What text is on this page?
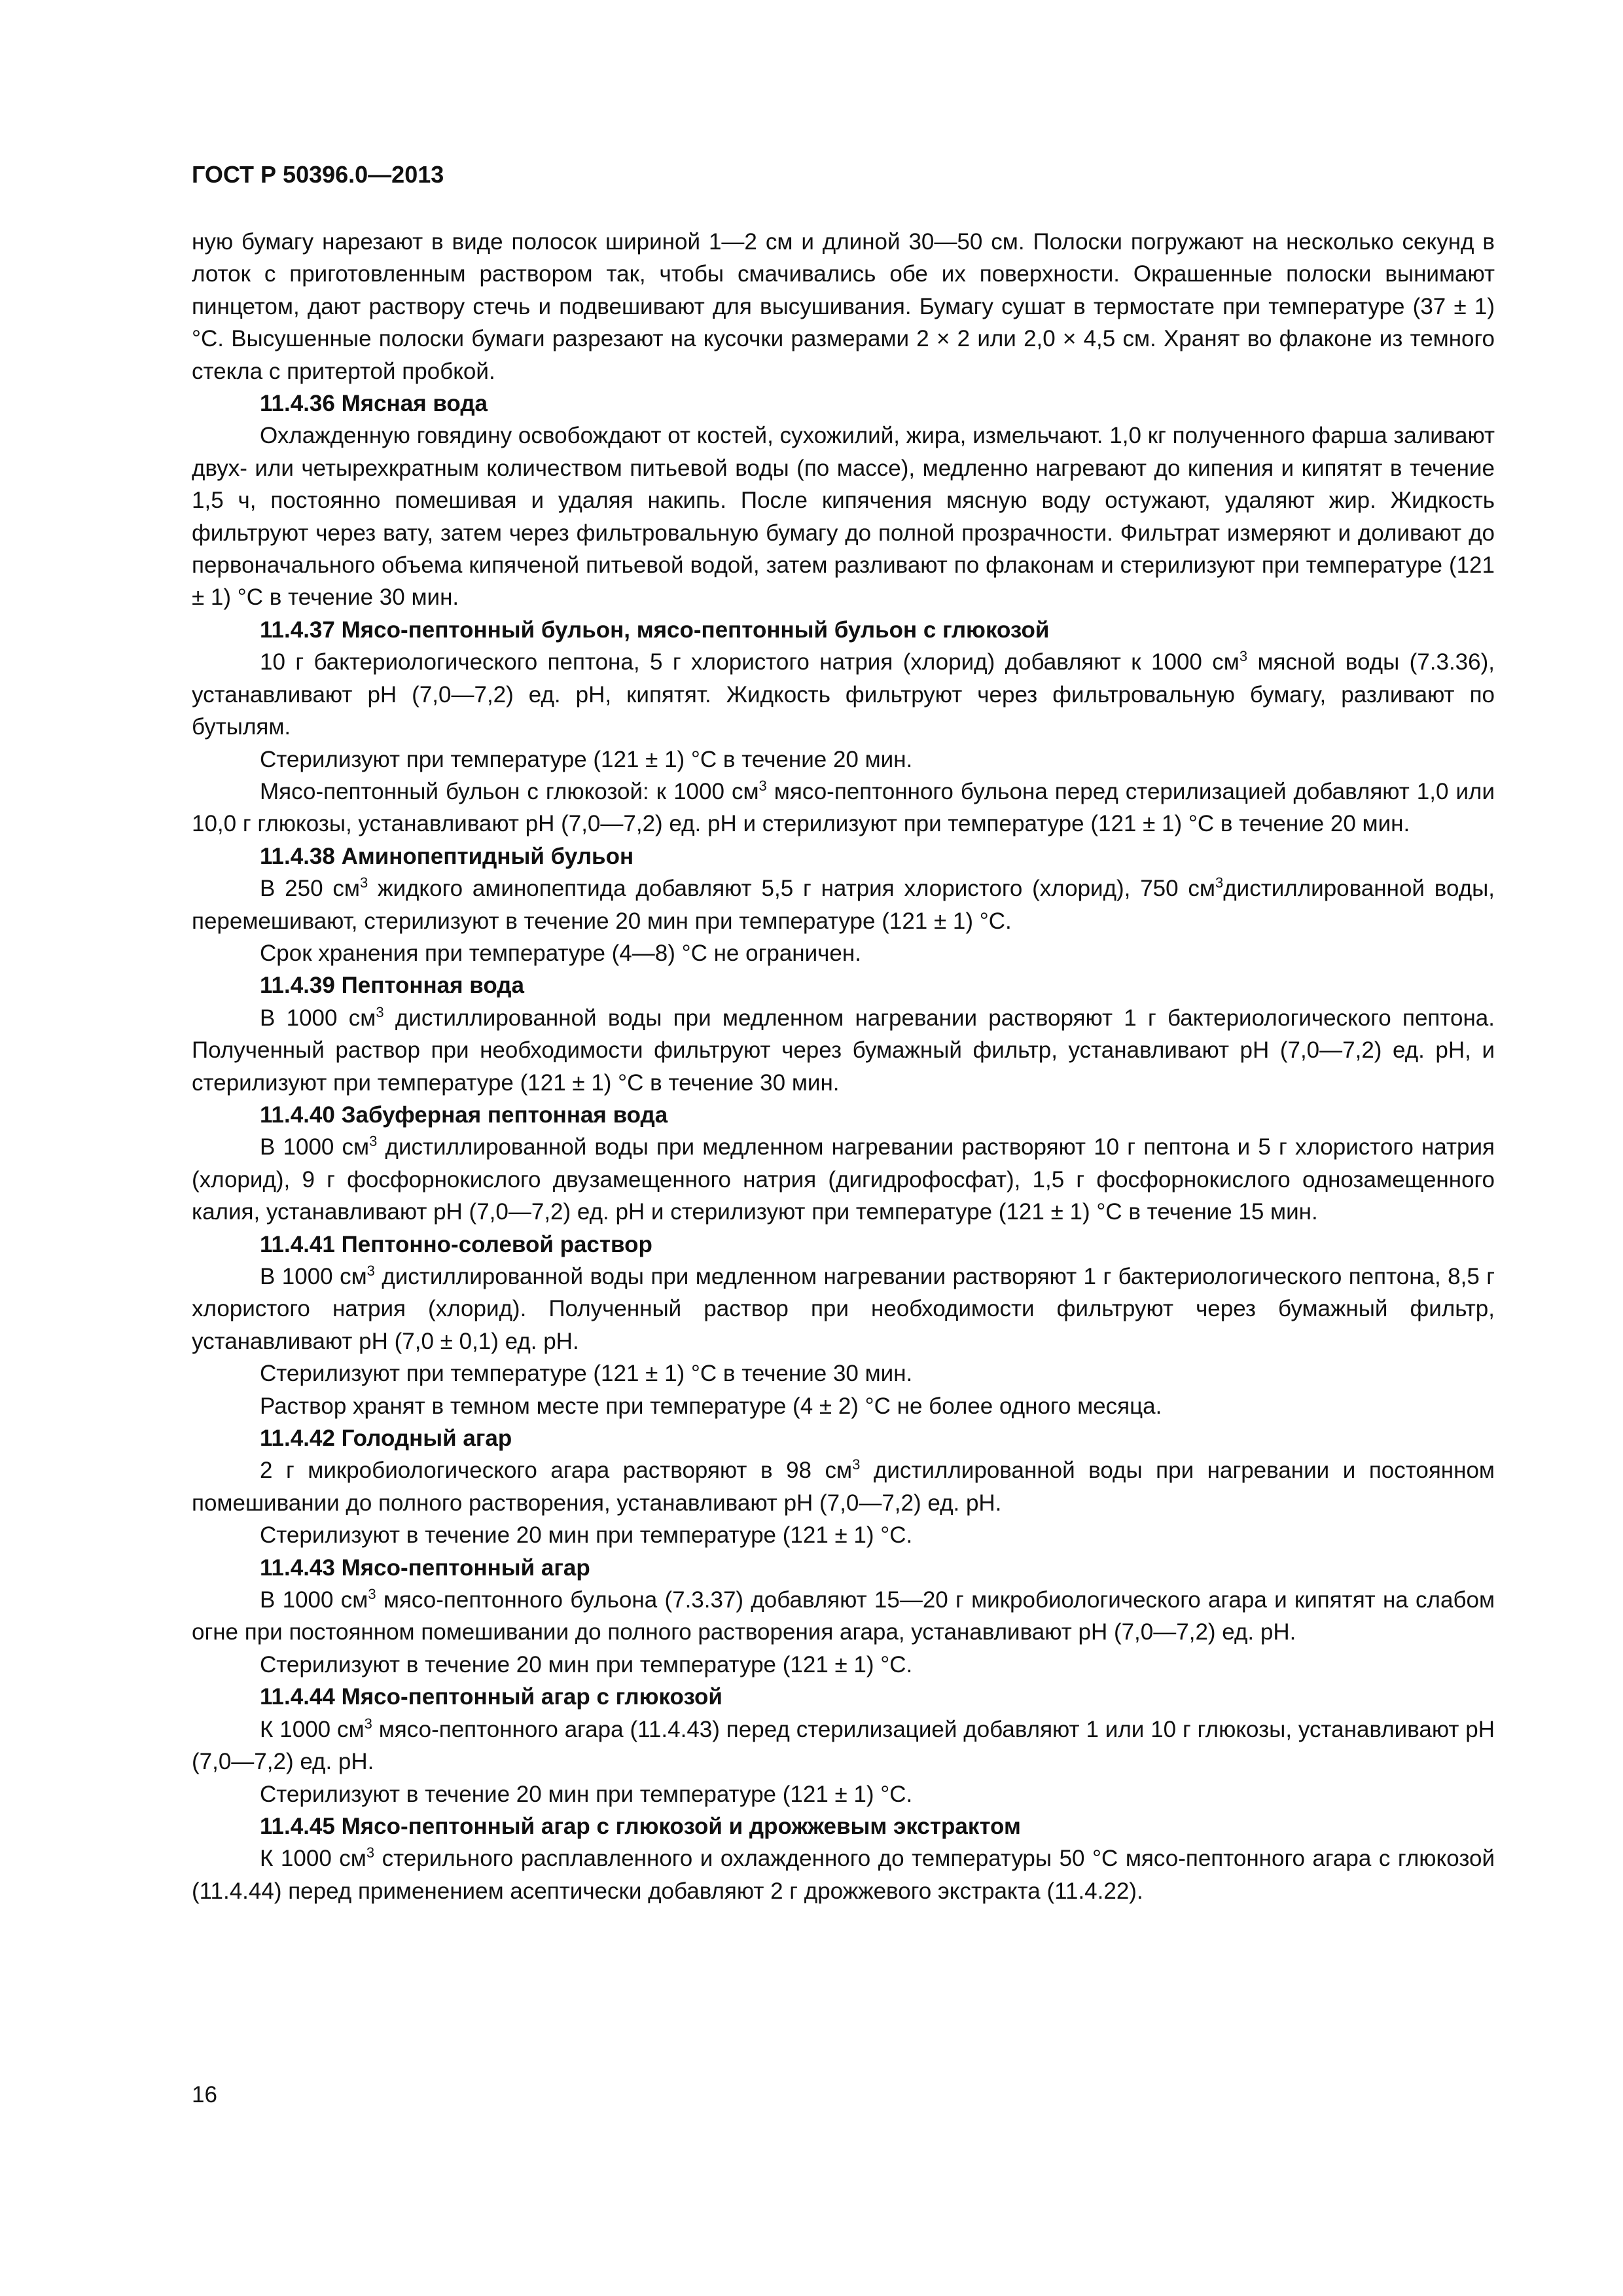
ГОСТ Р 50396.0—2013

ную бумагу нарезают в виде полосок шириной 1—2 см и длиной 30—50 см. Полоски погружают на несколько секунд в лоток с приготовленным раствором так, чтобы смачивались обе их поверхности. Окрашенные полоски вынимают пинцетом, дают раствору стечь и подвешивают для высушивания. Бумагу сушат в термостате при температуре (37 ± 1) °С. Высушенные полоски бумаги разрезают на кусочки размерами 2 × 2 или 2,0 × 4,5 см. Хранят во флаконе из темного стекла с притертой пробкой.

11.4.36 Мясная вода

Охлажденную говядину освобождают от костей, сухожилий, жира, измельчают. 1,0 кг полученного фарша заливают двух- или четырехкратным количеством питьевой воды (по массе), медленно нагревают до кипения и кипятят в течение 1,5 ч, постоянно помешивая и удаляя накипь. После кипячения мясную воду остужают, удаляют жир. Жидкость фильтруют через вату, затем через фильтровальную бумагу до полной прозрачности. Фильтрат измеряют и доливают до первоначального объема кипяченой питьевой водой, затем разливают по флаконам и стерилизуют при температуре (121 ± 1) °С в течение 30 мин.

11.4.37 Мясо-пептонный бульон, мясо-пептонный бульон с глюкозой

10 г бактериологического пептона, 5 г хлористого натрия (хлорид) добавляют к 1000 $см^3$ мясной воды (7.3.36), устанавливают рН (7,0—7,2) ед. рН, кипятят. Жидкость фильтруют через фильтровальную бумагу, разливают по бутылям.

Стерилизуют при температуре (121 ± 1) °С в течение 20 мин.

Мясо-пептонный бульон с глюкозой: к 1000 $см^3$ мясо-пептонного бульона перед стерилизацией добавляют 1,0 или 10,0 г глюкозы, устанавливают рН (7,0—7,2) ед. рН и стерилизуют при температуре (121 ± 1) °С в течение 20 мин.

11.4.38 Аминопептидный бульон

В 250 $см^3$ жидкого аминопептида добавляют 5,5 г натрия хлористого (хлорид), 750 $см^3дистиллированной$ воды, перемешивают, стерилизуют в течение 20 мин при температуре (121 ± 1) °С.

Срок хранения при температуре (4—8) °С не ограничен.

11.4.39 Пептонная вода

В 1000 $см^3$ дистиллированной воды при медленном нагревании растворяют 1 г бактериологического пептона. Полученный раствор при необходимости фильтруют через бумажный фильтр, устанавливают рН (7,0—7,2) ед. рН, и стерилизуют при температуре (121 ± 1) °С в течение 30 мин.

11.4.40 Забуферная пептонная вода

В 1000 $см^3$ дистиллированной воды при медленном нагревании растворяют 10 г пептона и 5 г хлористого натрия (хлорид), 9 г фосфорнокислого двузамещенного натрия (дигидрофосфат), 1,5 г фосфорнокислого однозамещенного калия, устанавливают рН (7,0—7,2) ед. рН и стерилизуют при температуре (121 ± 1) °С в течение 15 мин.

11.4.41 Пептонно-солевой раствор

В 1000 $см^3$ дистиллированной воды при медленном нагревании растворяют 1 г бактериологического пептона, 8,5 г хлористого натрия (хлорид). Полученный раствор при необходимости фильтруют через бумажный фильтр, устанавливают рН (7,0 ± 0,1) ед. рН.

Стерилизуют при температуре (121 ± 1) °С в течение 30 мин.

Раствор хранят в темном месте при температуре (4 ± 2) °С не более одного месяца.

11.4.42 Голодный агар

2 г микробиологического агара растворяют в 98 $см^3$ дистиллированной воды при нагревании и постоянном помешивании до полного растворения, устанавливают рН (7,0—7,2) ед. рН.

Стерилизуют в течение 20 мин при температуре (121 ± 1) °С.

11.4.43 Мясо-пептонный агар

В 1000 $см^3$ мясо-пептонного бульона (7.3.37) добавляют 15—20 г микробиологического агара и кипятят на слабом огне при постоянном помешивании до полного растворения агара, устанавливают рН (7,0—7,2) ед. рН.

Стерилизуют в течение 20 мин при температуре (121 ± 1) °С.

11.4.44 Мясо-пептонный агар с глюкозой

К 1000 $см^3$ мясо-пептонного агара (11.4.43) перед стерилизацией добавляют 1 или 10 г глюкозы, устанавливают рН (7,0—7,2) ед. рН.

Стерилизуют в течение 20 мин при температуре (121 ± 1) °С.

11.4.45 Мясо-пептонный агар с глюкозой и дрожжевым экстрактом

К 1000 $см^3$ стерильного расплавленного и охлажденного до температуры 50 °С мясо-пептонного агара с глюкозой (11.4.44) перед применением асептически добавляют 2 г дрожжевого экстракта (11.4.22).

16
